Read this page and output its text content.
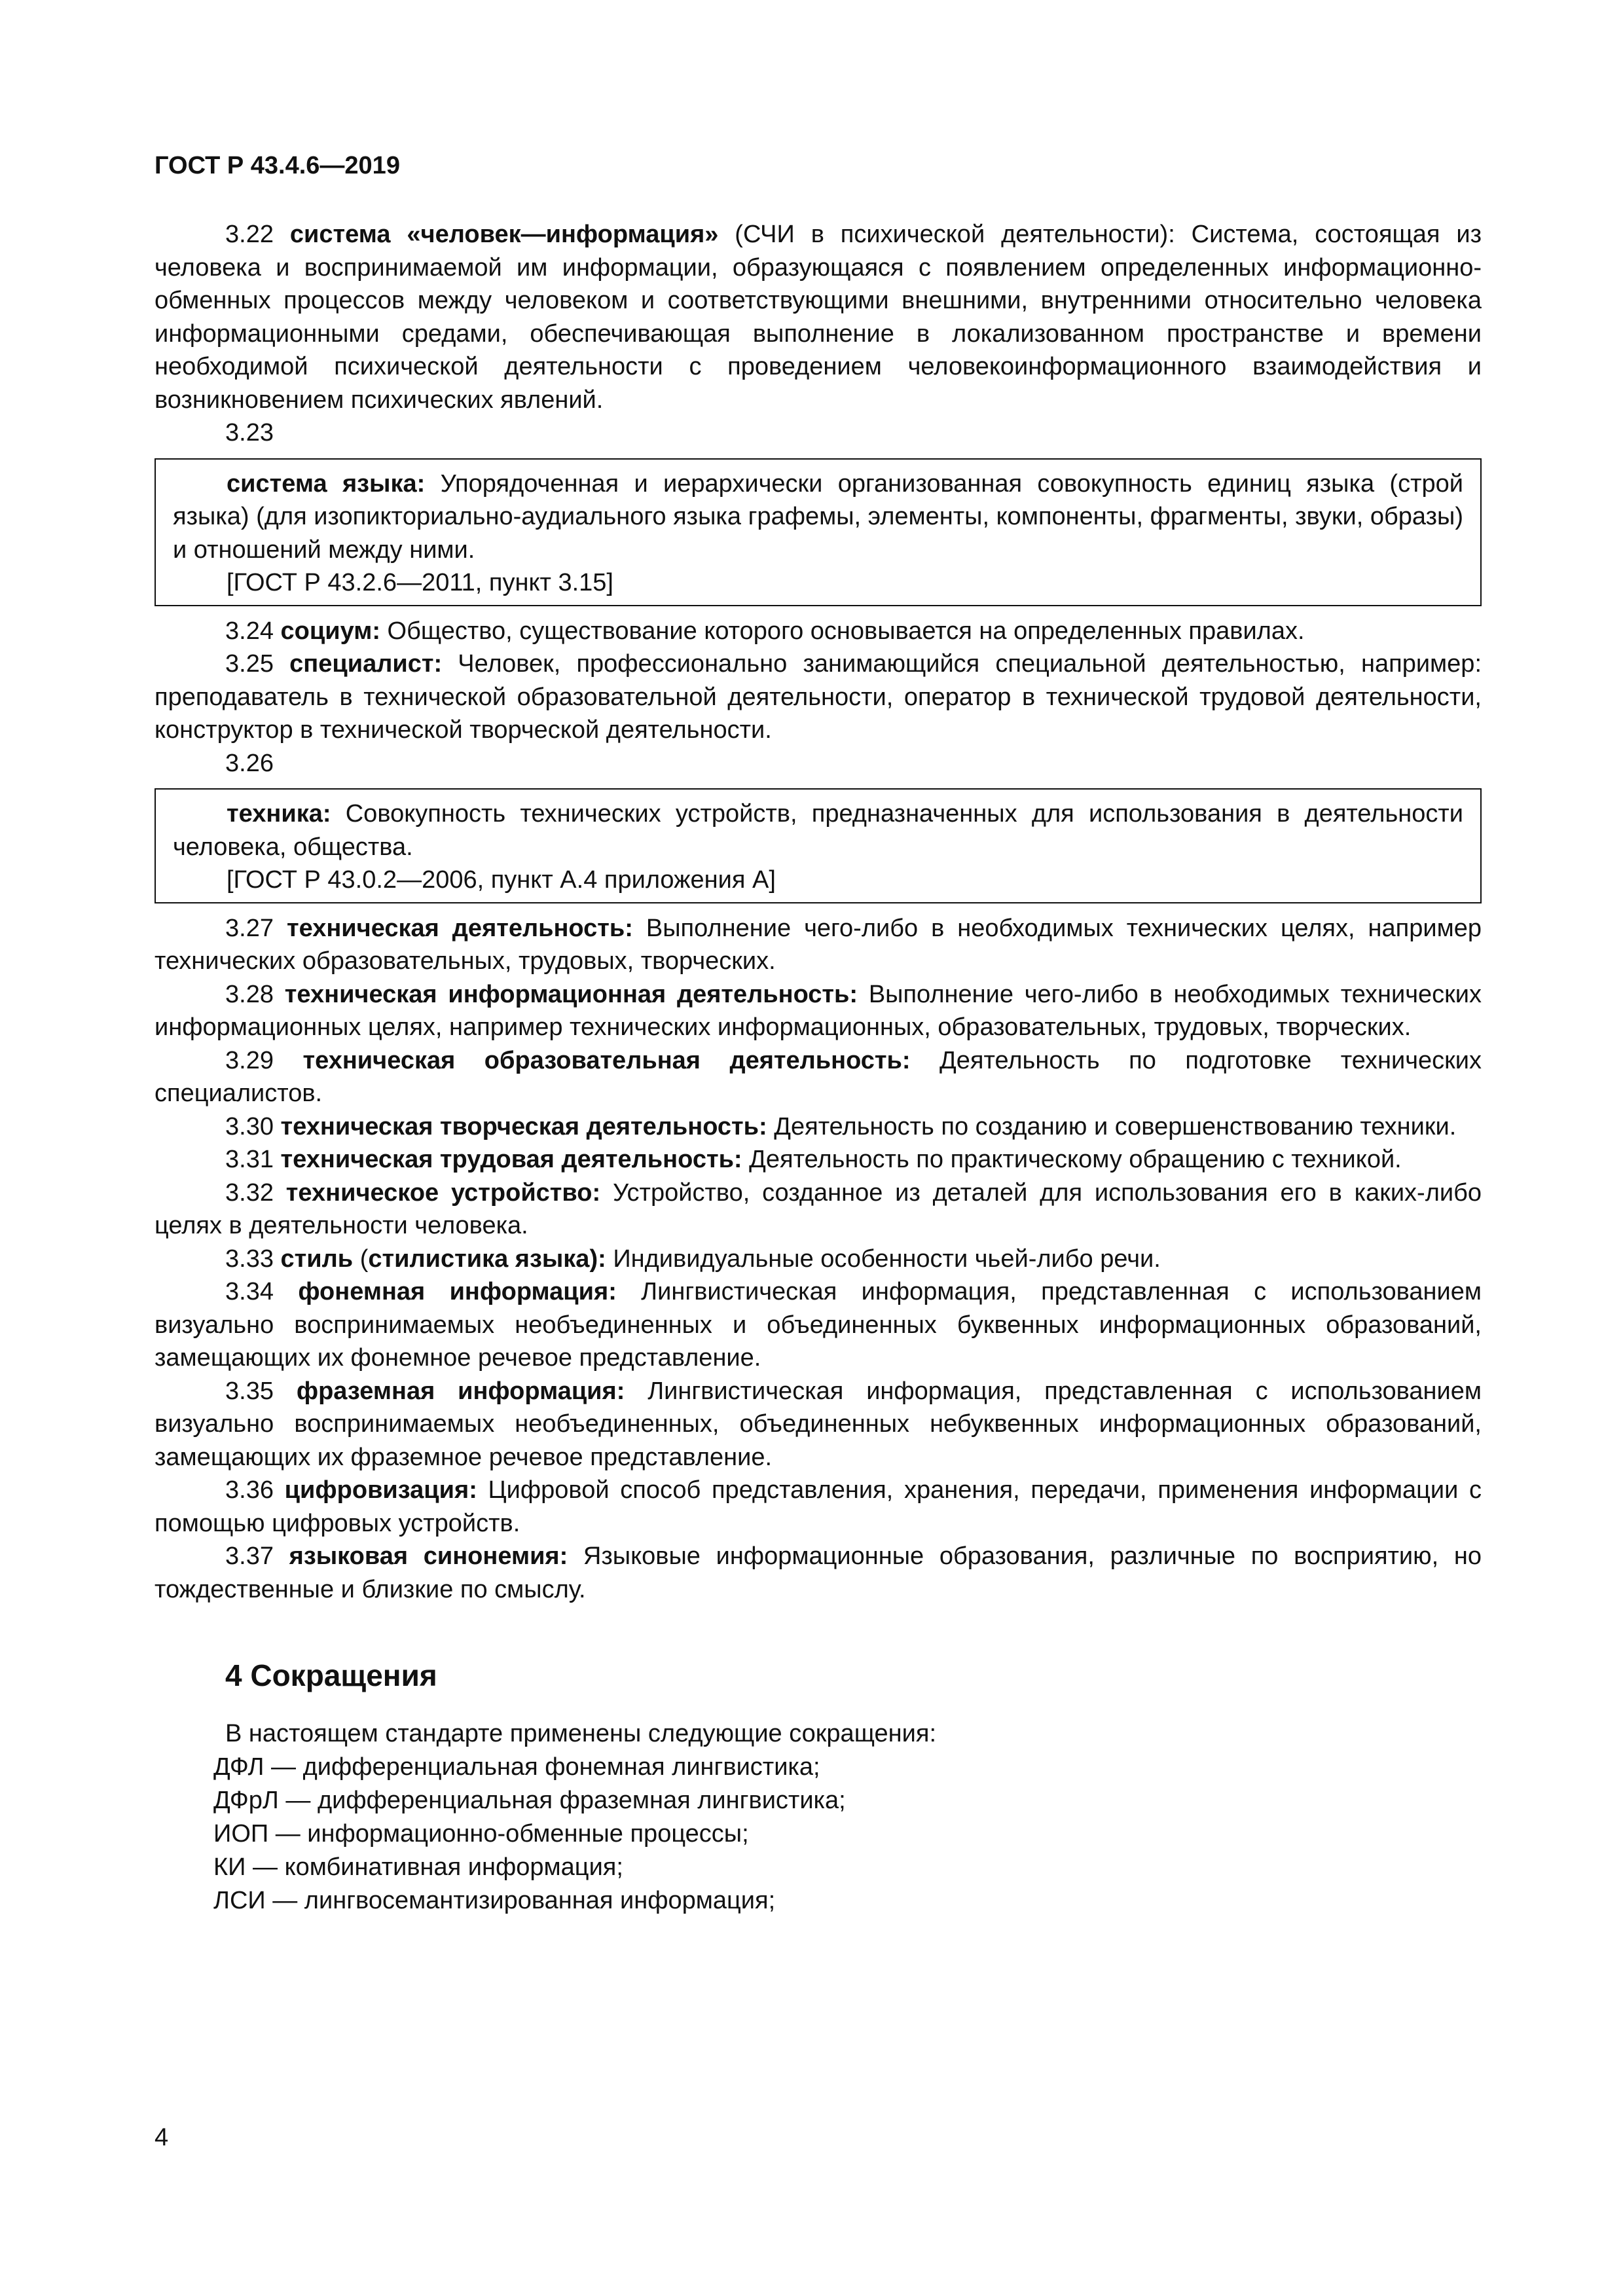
ГОСТ Р 43.4.6—2019

3.22 система «человек—информация» (СЧИ в психической деятельности): Система, состоящая из человека и воспринимаемой им информации, образующаяся с появлением определенных информационно-обменных процессов между человеком и соответствующими внешними, внутренними относительно человека информационными средами, обеспечивающая выполнение в локализованном пространстве и времени необходимой психической деятельности с проведением человекоинформационного взаимодействия и возникновением психических явлений.

3.23

система языка: Упорядоченная и иерархически организованная совокупность единиц языка (строй языка) (для изопиктoриально-аудиального языка графемы, элементы, компоненты, фрагменты, звуки, образы) и отношений между ними.

[ГОСТ Р 43.2.6—2011, пункт 3.15]

3.24 социум: Общество, существование которого основывается на определенных правилах.

3.25 специалист: Человек, профессионально занимающийся специальной деятельностью, например: преподаватель в технической образовательной деятельности, оператор в технической трудовой деятельности, конструктор в технической творческой деятельности.

3.26

техника: Совокупность технических устройств, предназначенных для использования в деятельности человека, общества.

[ГОСТ Р 43.0.2—2006, пункт А.4 приложения А]

3.27 техническая деятельность: Выполнение чего-либо в необходимых технических целях, например технических образовательных, трудовых, творческих.

3.28 техническая информационная деятельность: Выполнение чего-либо в необходимых технических информационных целях, например технических информационных, образовательных, трудовых, творческих.

3.29 техническая образовательная деятельность: Деятельность по подготовке технических специалистов.

3.30 техническая творческая деятельность: Деятельность по созданию и совершенствованию техники.

3.31 техническая трудовая деятельность: Деятельность по практическому обращению с техникой.

3.32 техническое устройство: Устройство, созданное из деталей для использования его в каких-либо целях в деятельности человека.

3.33 стиль (стилистика языка): Индивидуальные особенности чьей-либо речи.

3.34 фонемная информация: Лингвистическая информация, представленная с использованием визуально воспринимаемых необъединенных и объединенных буквенных информационных образований, замещающих их фонемное речевое представление.

3.35 фраземная информация: Лингвистическая информация, представленная с использованием визуально воспринимаемых необъединенных, объединенных небуквенных информационных образований, замещающих их фраземное речевое представление.

3.36 цифровизация: Цифровой способ представления, хранения, передачи, применения информации с помощью цифровых устройств.

3.37 языковая синонемия: Языковые информационные образования, различные по восприятию, но тождественные и близкие по смыслу.

4 Сокращения

В настоящем стандарте применены следующие сокращения:

ДФЛ — дифференциальная фонемная лингвистика;
ДФрЛ — дифференциальная фраземная лингвистика;
ИОП — информационно-обменные процессы;
КИ — комбинативная информация;
ЛСИ — лингвосемантизированная информация;
4
